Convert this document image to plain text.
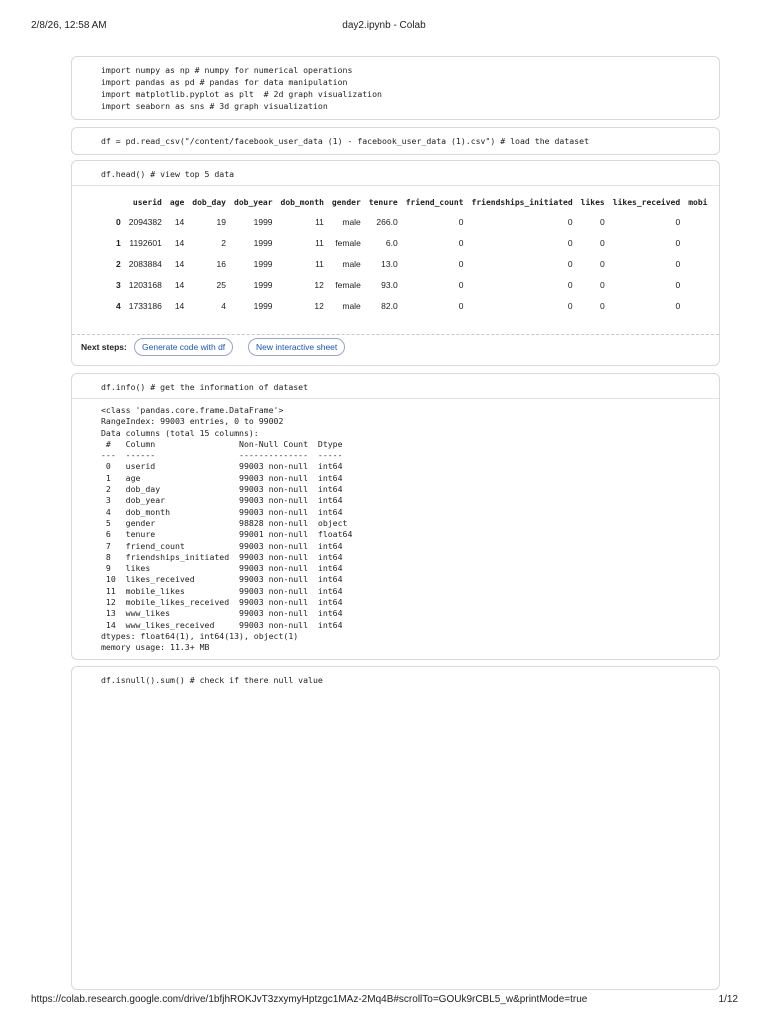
2/8/26, 12:58 AM	day2.ipynb - Colab
import numpy as np # numpy for numerical operations
import pandas as pd # pandas for data manipulation
import matplotlib.pyplot as plt  # 2d graph visualization
import seaborn as sns # 3d graph visualization
df = pd.read_csv("/content/facebook_user_data (1) - facebook_user_data (1).csv") # load the dataset
df.head() # view top 5 data
	userid	age	dob_day	dob_year	dob_month	gender	tenure	friend_count	friendships_initiated	likes	likes_received	mobi
0	2094382	14	19	1999	11	male	266.0	0	0	0	0	
1	1192601	14	2	1999	11	female	6.0	0	0	0	0	
2	2083884	14	16	1999	11	male	13.0	0	0	0	0	
3	1203168	14	25	1999	12	female	93.0	0	0	0	0	
4	1733186	14	4	1999	12	male	82.0	0	0	0	0	
Next steps:	Generate code with df	New interactive sheet
df.info() # get the information of dataset
<class 'pandas.core.frame.DataFrame'>
RangeIndex: 99003 entries, 0 to 99002
Data columns (total 15 columns):
#   Column                 Non-Null Count  Dtype
---  ------                 --------------  -----
0   userid                 99003 non-null  int64
1   age                    99003 non-null  int64
2   dob_day                99003 non-null  int64
3   dob_year               99003 non-null  int64
4   dob_month              99003 non-null  int64
5   gender                 98828 non-null  object
6   tenure                 99001 non-null  float64
7   friend_count           99003 non-null  int64
8   friendships_initiated  99003 non-null  int64
9   likes                  99003 non-null  int64
10  likes_received         99003 non-null  int64
11  mobile_likes           99003 non-null  int64
12  mobile_likes_received  99003 non-null  int64
13  www_likes              99003 non-null  int64
14  www_likes_received     99003 non-null  int64
dtypes: float64(1), int64(13), object(1)
memory usage: 11.3+ MB
df.isnull().sum() # check if there null value
https://colab.research.google.com/drive/1bfjhROKJvT3zxymyHptzgc1MAz-2Mq4B#scrollTo=GOUk9rCBL5_w&printMode=true	1/12
